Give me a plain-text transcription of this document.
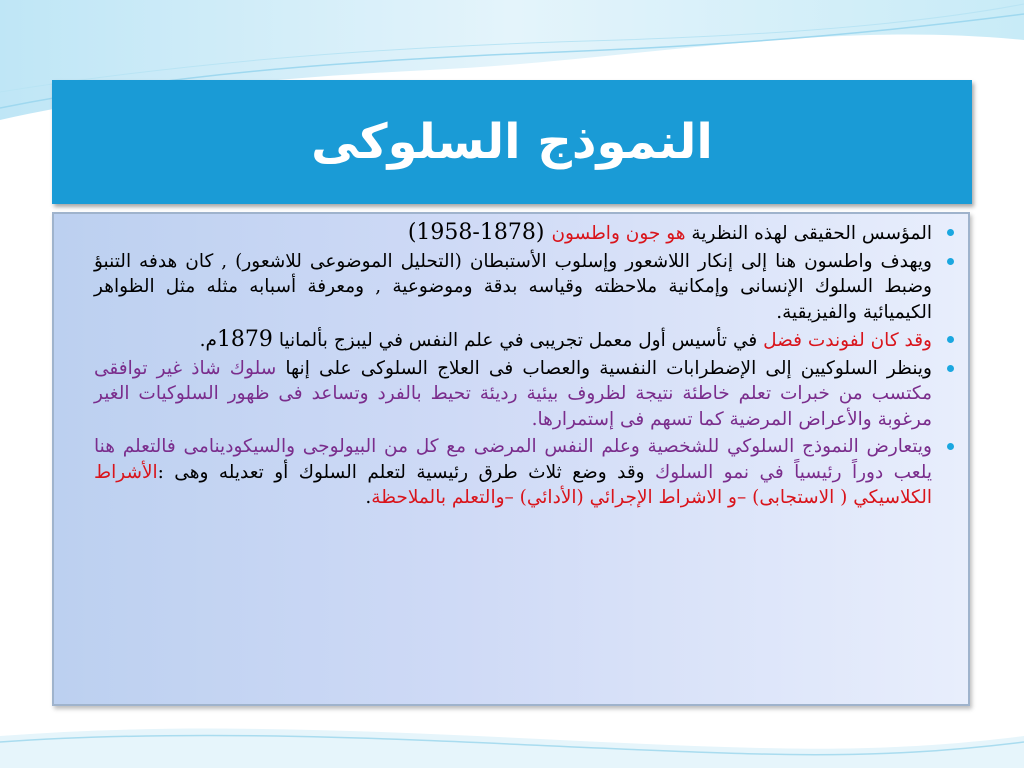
النموذج السلوكى
المؤسس الحقيقى لهذه النظرية هو جون واطسون (1878-1958)
ويهدف واطسون هنا إلى إنكار اللاشعور وإسلوب الأستبطان (التحليل الموضوعى للاشعور) , كان هدفه التنبؤ وضبط السلوك الإنسانى وإمكانية ملاحظته وقياسه بدقة وموضوعية , ومعرفة أسبابه مثله مثل الظواهر الكيميائية والفيزيقية.
وقد كان لفوندت فضل في تأسيس أول معمل تجريبى في علم النفس في ليبزج بألمانيا 1879م.
وينظر السلوكيين إلى الإضطرابات النفسية والعصاب فى العلاج السلوكى على إنها سلوك شاذ غير توافقى مكتسب من خبرات تعلم خاطئة نتيجة لظروف بيئية رديئة تحيط بالفرد وتساعد فى ظهور السلوكيات الغير مرغوبة والأعراض المرضية كما تسهم فى إستمرارها.
ويتعارض النموذج السلوكي للشخصية وعلم النفس المرضى مع كل من البيولوجى والسيكودينامى فالتعلم هنا يلعب دوراً رئيسياً في نمو السلوك وقد وضع ثلاث طرق رئيسية لتعلم السلوك أو تعديله وهى :الأشراط الكلاسيكي ( الاستجابى) –و الاشراط الإجرائي (الأدائي) –والتعلم بالملاحظة.
